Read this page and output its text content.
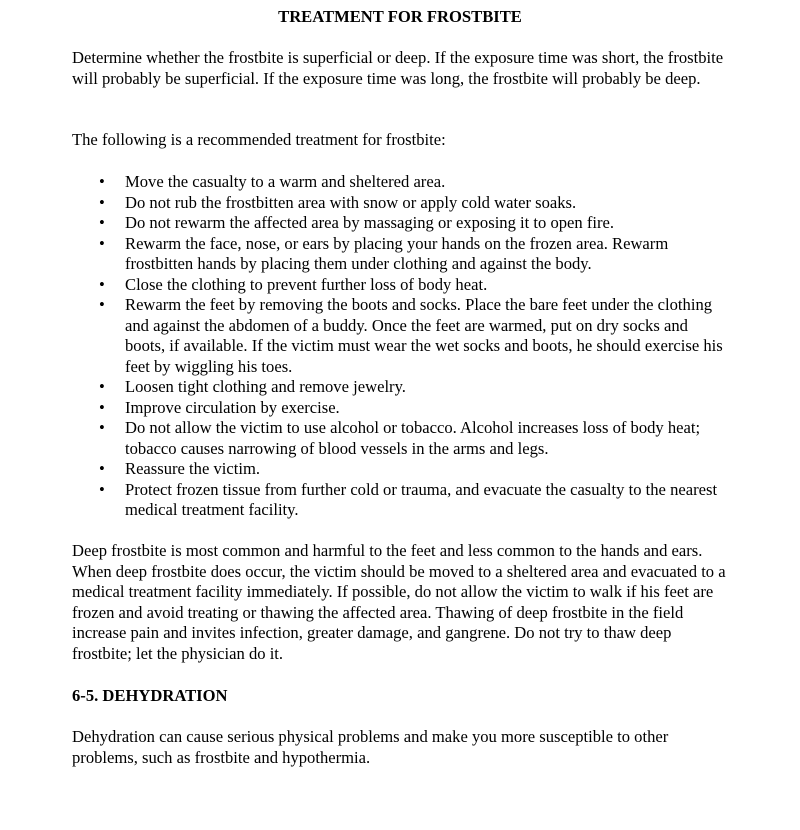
TREATMENT FOR FROSTBITE

Determine whether the frostbite is superficial or deep. If the exposure time was short, the frostbite will probably be superficial. If the exposure time was long, the frostbite will probably be deep.

The following is a recommended treatment for frostbite:

• Move the casualty to a warm and sheltered area.
• Do not rub the frostbitten area with snow or apply cold water soaks.
• Do not rewarm the affected area by massaging or exposing it to open fire.
• Rewarm the face, nose, or ears by placing your hands on the frozen area. Rewarm frostbitten hands by placing them under clothing and against the body.
• Close the clothing to prevent further loss of body heat.
• Rewarm the feet by removing the boots and socks. Place the bare feet under the clothing and against the abdomen of a buddy. Once the feet are warmed, put on dry socks and boots, if available. If the victim must wear the wet socks and boots, he should exercise his feet by wiggling his toes.
• Loosen tight clothing and remove jewelry.
• Improve circulation by exercise.
• Do not allow the victim to use alcohol or tobacco. Alcohol increases loss of body heat; tobacco causes narrowing of blood vessels in the arms and legs.
• Reassure the victim.
• Protect frozen tissue from further cold or trauma, and evacuate the casualty to the nearest medical treatment facility.

Deep frostbite is most common and harmful to the feet and less common to the hands and ears. When deep frostbite does occur, the victim should be moved to a sheltered area and evacuated to a medical treatment facility immediately. If possible, do not allow the victim to walk if his feet are frozen and avoid treating or thawing the affected area. Thawing of deep frostbite in the field increase pain and invites infection, greater damage, and gangrene. Do not try to thaw deep frostbite; let the physician do it.

6-5. DEHYDRATION

Dehydration can cause serious physical problems and make you more susceptible to other problems, such as frostbite and hypothermia.
